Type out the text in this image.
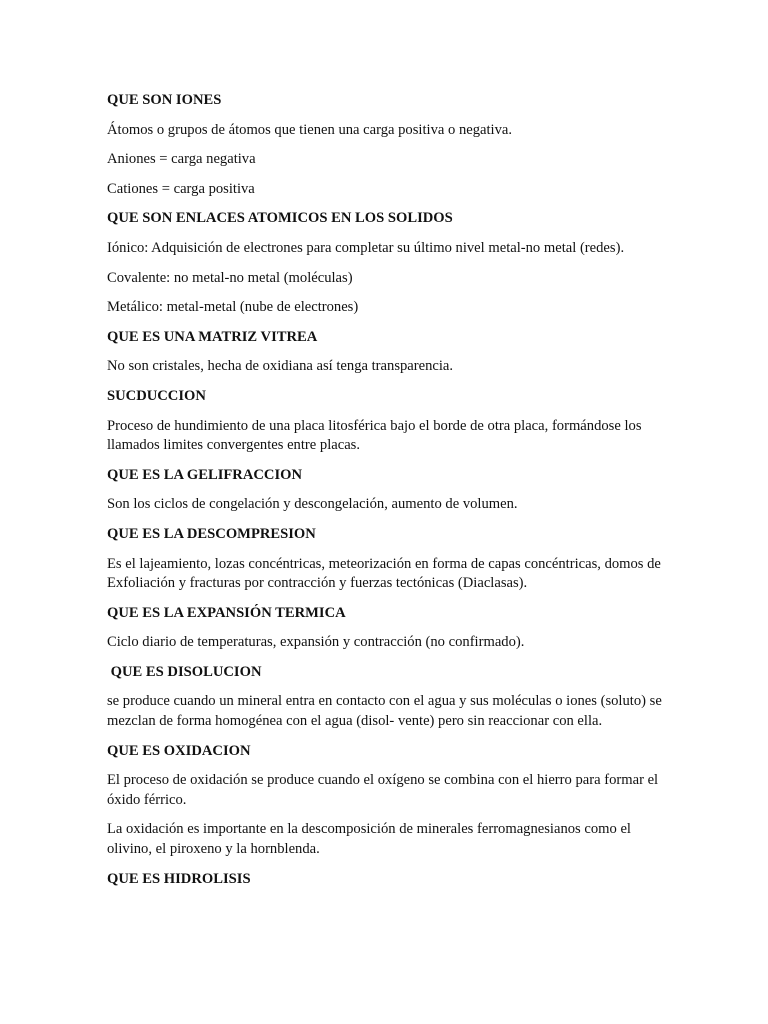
QUE SON IONES
Átomos o grupos de átomos que tienen una carga positiva o negativa.
Aniones = carga negativa
Cationes = carga positiva
QUE SON ENLACES ATOMICOS EN LOS SOLIDOS
Iónico: Adquisición de electrones para completar su último nivel metal-no metal (redes).
Covalente: no metal-no metal (moléculas)
Metálico: metal-metal (nube de electrones)
QUE ES UNA MATRIZ VITREA
No son cristales, hecha de oxidiana así tenga transparencia.
SUCDUCCION
Proceso de hundimiento de una placa litosférica bajo el borde de otra placa, formándose los llamados limites convergentes entre placas.
QUE ES LA GELIFRACCION
Son los ciclos de congelación y descongelación, aumento de volumen.
QUE ES LA DESCOMPRESION
Es el lajeamiento, lozas concéntricas, meteorización en forma de capas concéntricas, domos de Exfoliación y fracturas por contracción y fuerzas tectónicas (Diaclasas).
QUE ES LA EXPANSIÓN TERMICA
Ciclo diario de temperaturas, expansión y contracción (no confirmado).
QUE ES DISOLUCION
se produce cuando un mineral entra en contacto con el agua y sus moléculas o iones (soluto) se mezclan de forma homogénea con el agua (disol- vente) pero sin reaccionar con ella.
QUE ES OXIDACION
El proceso de oxidación se produce cuando el oxígeno se combina con el hierro para formar el óxido férrico.
La oxidación es importante en la descomposición de minerales ferromagnesianos como el olivino, el piroxeno y la hornblenda.
QUE ES HIDROLISIS
